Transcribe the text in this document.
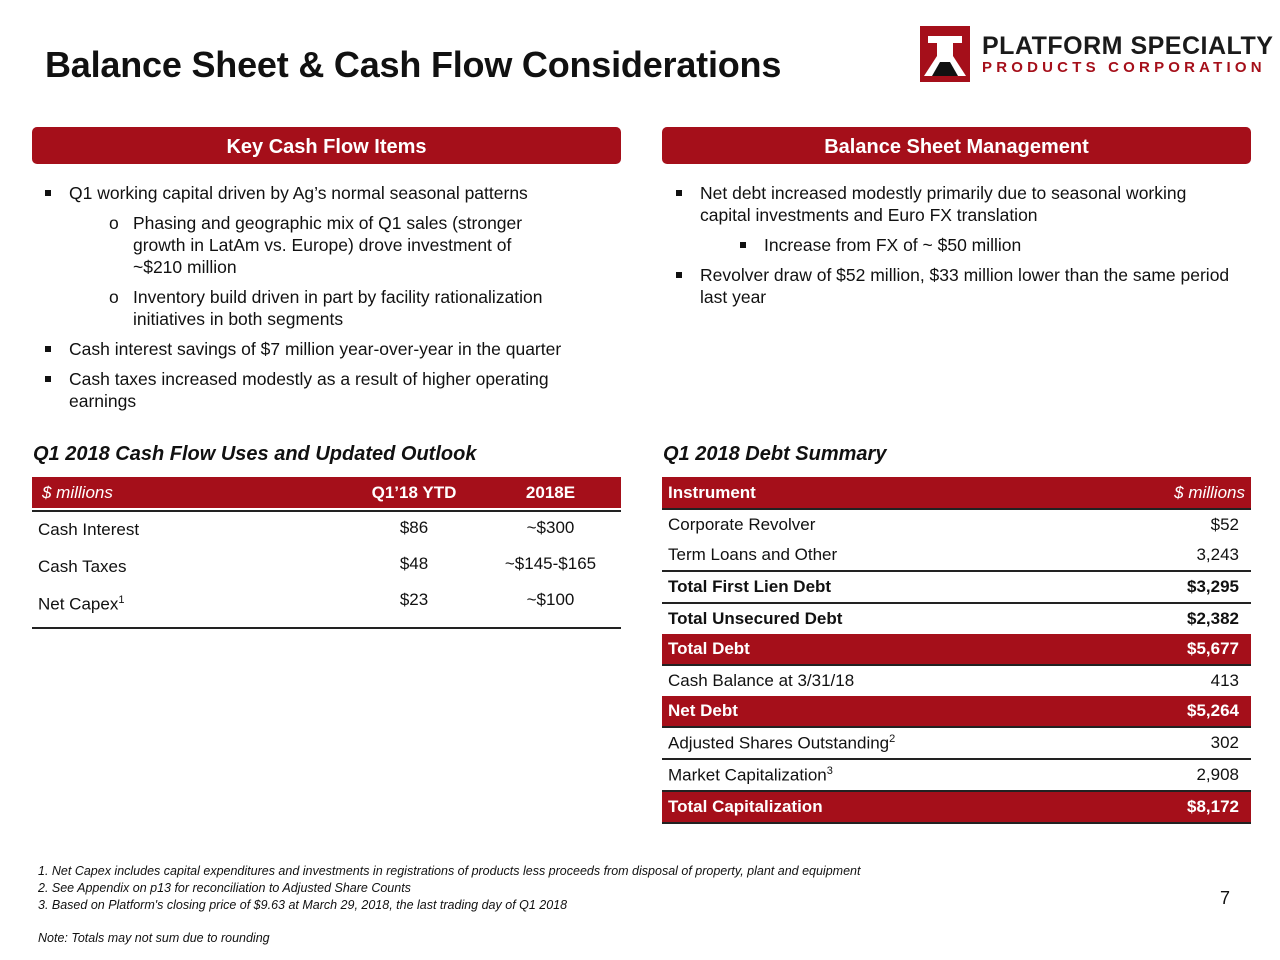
Balance Sheet & Cash Flow Considerations	PLATFORM SPECIALTY
PRODUCTS CORPORATION
Key Cash Flow Items
Q1 working capital driven by Ag’s normal seasonal patterns
o Phasing and geographic mix of Q1 sales (stronger growth in LatAm vs. Europe) drove investment of ~$210 million
o Inventory build driven in part by facility rationalization initiatives in both segments
Cash interest savings of $7 million year-over-year in the quarter
Cash taxes increased modestly as a result of higher operating earnings
Balance Sheet Management
Net debt increased modestly primarily due to seasonal working capital investments and Euro FX translation
Increase from FX of ~ $50 million
Revolver draw of $52 million, $33 million lower than the same period last year
Q1 2018 Cash Flow Uses and Updated Outlook
$ millions	Q1’18 YTD	2018E

Cash Interest	$86	~$300
Cash Taxes	$48	~$145-$165
Net Capex$^1$	$23	~$100
Q1 2018 Debt Summary
Instrument	$ millions
Corporate Revolver	$52
Term Loans and Other	3,243
Total First Lien Debt	$3,295
Total Unsecured Debt	$2,382
Total Debt	$5,677
Cash Balance at 3/31/18	413
Net Debt	$5,264
Adjusted Shares Outstanding$^2$	302
Market Capitalization$^3$	2,908
Total Capitalization	$8,172
1. Net Capex includes capital expenditures and investments in registrations of products less proceeds from disposal of property, plant and equipment
2. See Appendix on p13 for reconciliation to Adjusted Share Counts
3. Based on Platform's closing price of $9.63 at March 29, 2018, the last trading day of Q1 2018
Note: Totals may not sum due to rounding
7
